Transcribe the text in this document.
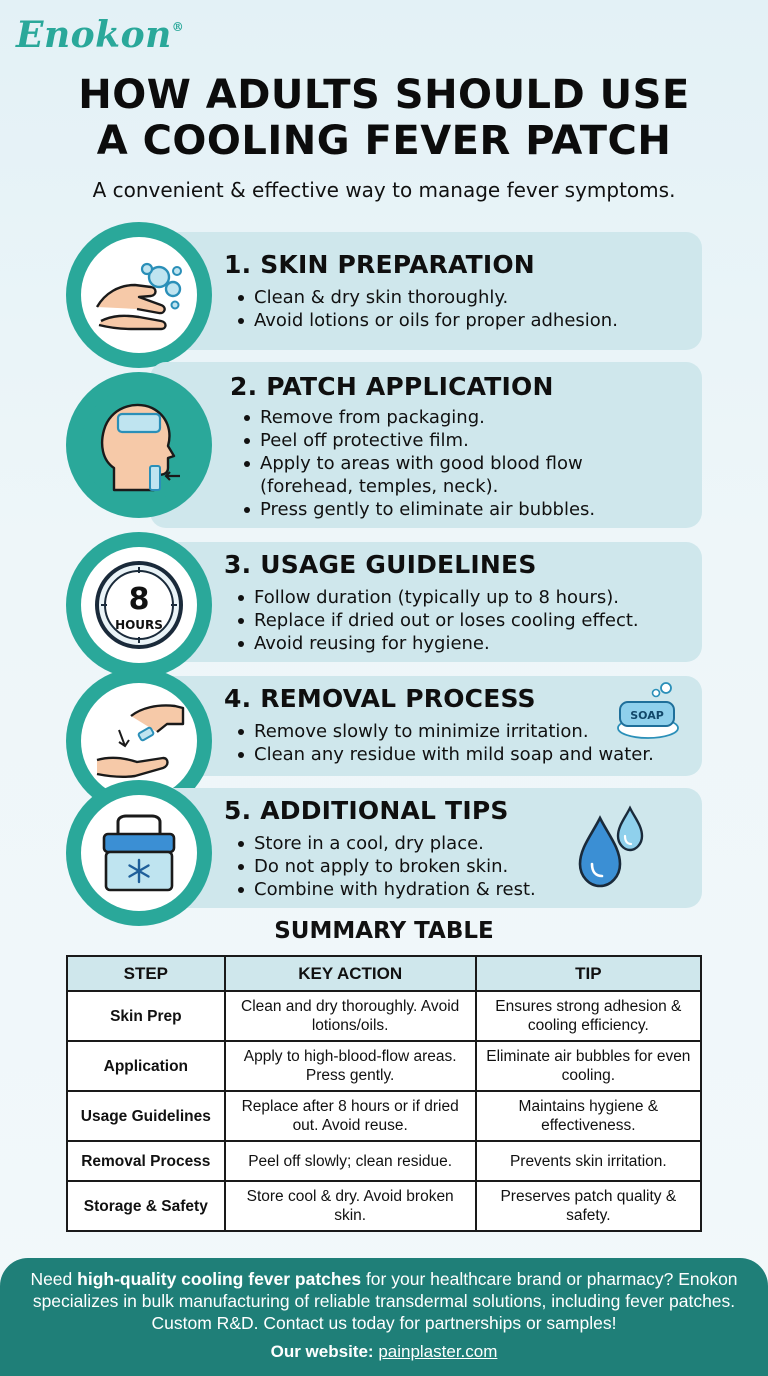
Enokon®
HOW ADULTS SHOULD USE
A COOLING FEVER PATCH
A convenient & effective way to manage fever symptoms.
1. SKIN PREPARATION
Clean & dry skin thoroughly.
Avoid lotions or oils for proper adhesion.
2. PATCH APPLICATION
Remove from packaging.
Peel off protective film.
Apply to areas with good blood flow (forehead, temples, neck).
Press gently to eliminate air bubbles.
8
HOURS
3. USAGE GUIDELINES
Follow duration (typically up to 8 hours).
Replace if dried out or loses cooling effect.
Avoid reusing for hygiene.
4. REMOVAL PROCESS
Remove slowly to minimize irritation.
Clean any residue with mild soap and water.
SOAP
5. ADDITIONAL TIPS
Store in a cool, dry place.
Do not apply to broken skin.
Combine with hydration & rest.
SUMMARY TABLE
STEP	KEY ACTION	TIP
Skin Prep	Clean and dry thoroughly. Avoid lotions/oils.	Ensures strong adhesion & cooling efficiency.
Application	Apply to high-blood-flow areas. Press gently.	Eliminate air bubbles for even cooling.
Usage Guidelines	Replace after 8 hours or if dried out. Avoid reuse.	Maintains hygiene & effectiveness.
Removal Process	Peel off slowly; clean residue.	Prevents skin irritation.
Storage & Safety	Store cool & dry. Avoid broken skin.	Preserves patch quality & safety.
Need high-quality cooling fever patches for your healthcare brand or pharmacy? Enokon specializes in bulk manufacturing of reliable transdermal solutions, including fever patches. Custom R&D. Contact us today for partnerships or samples!
Our website: painplaster.com
